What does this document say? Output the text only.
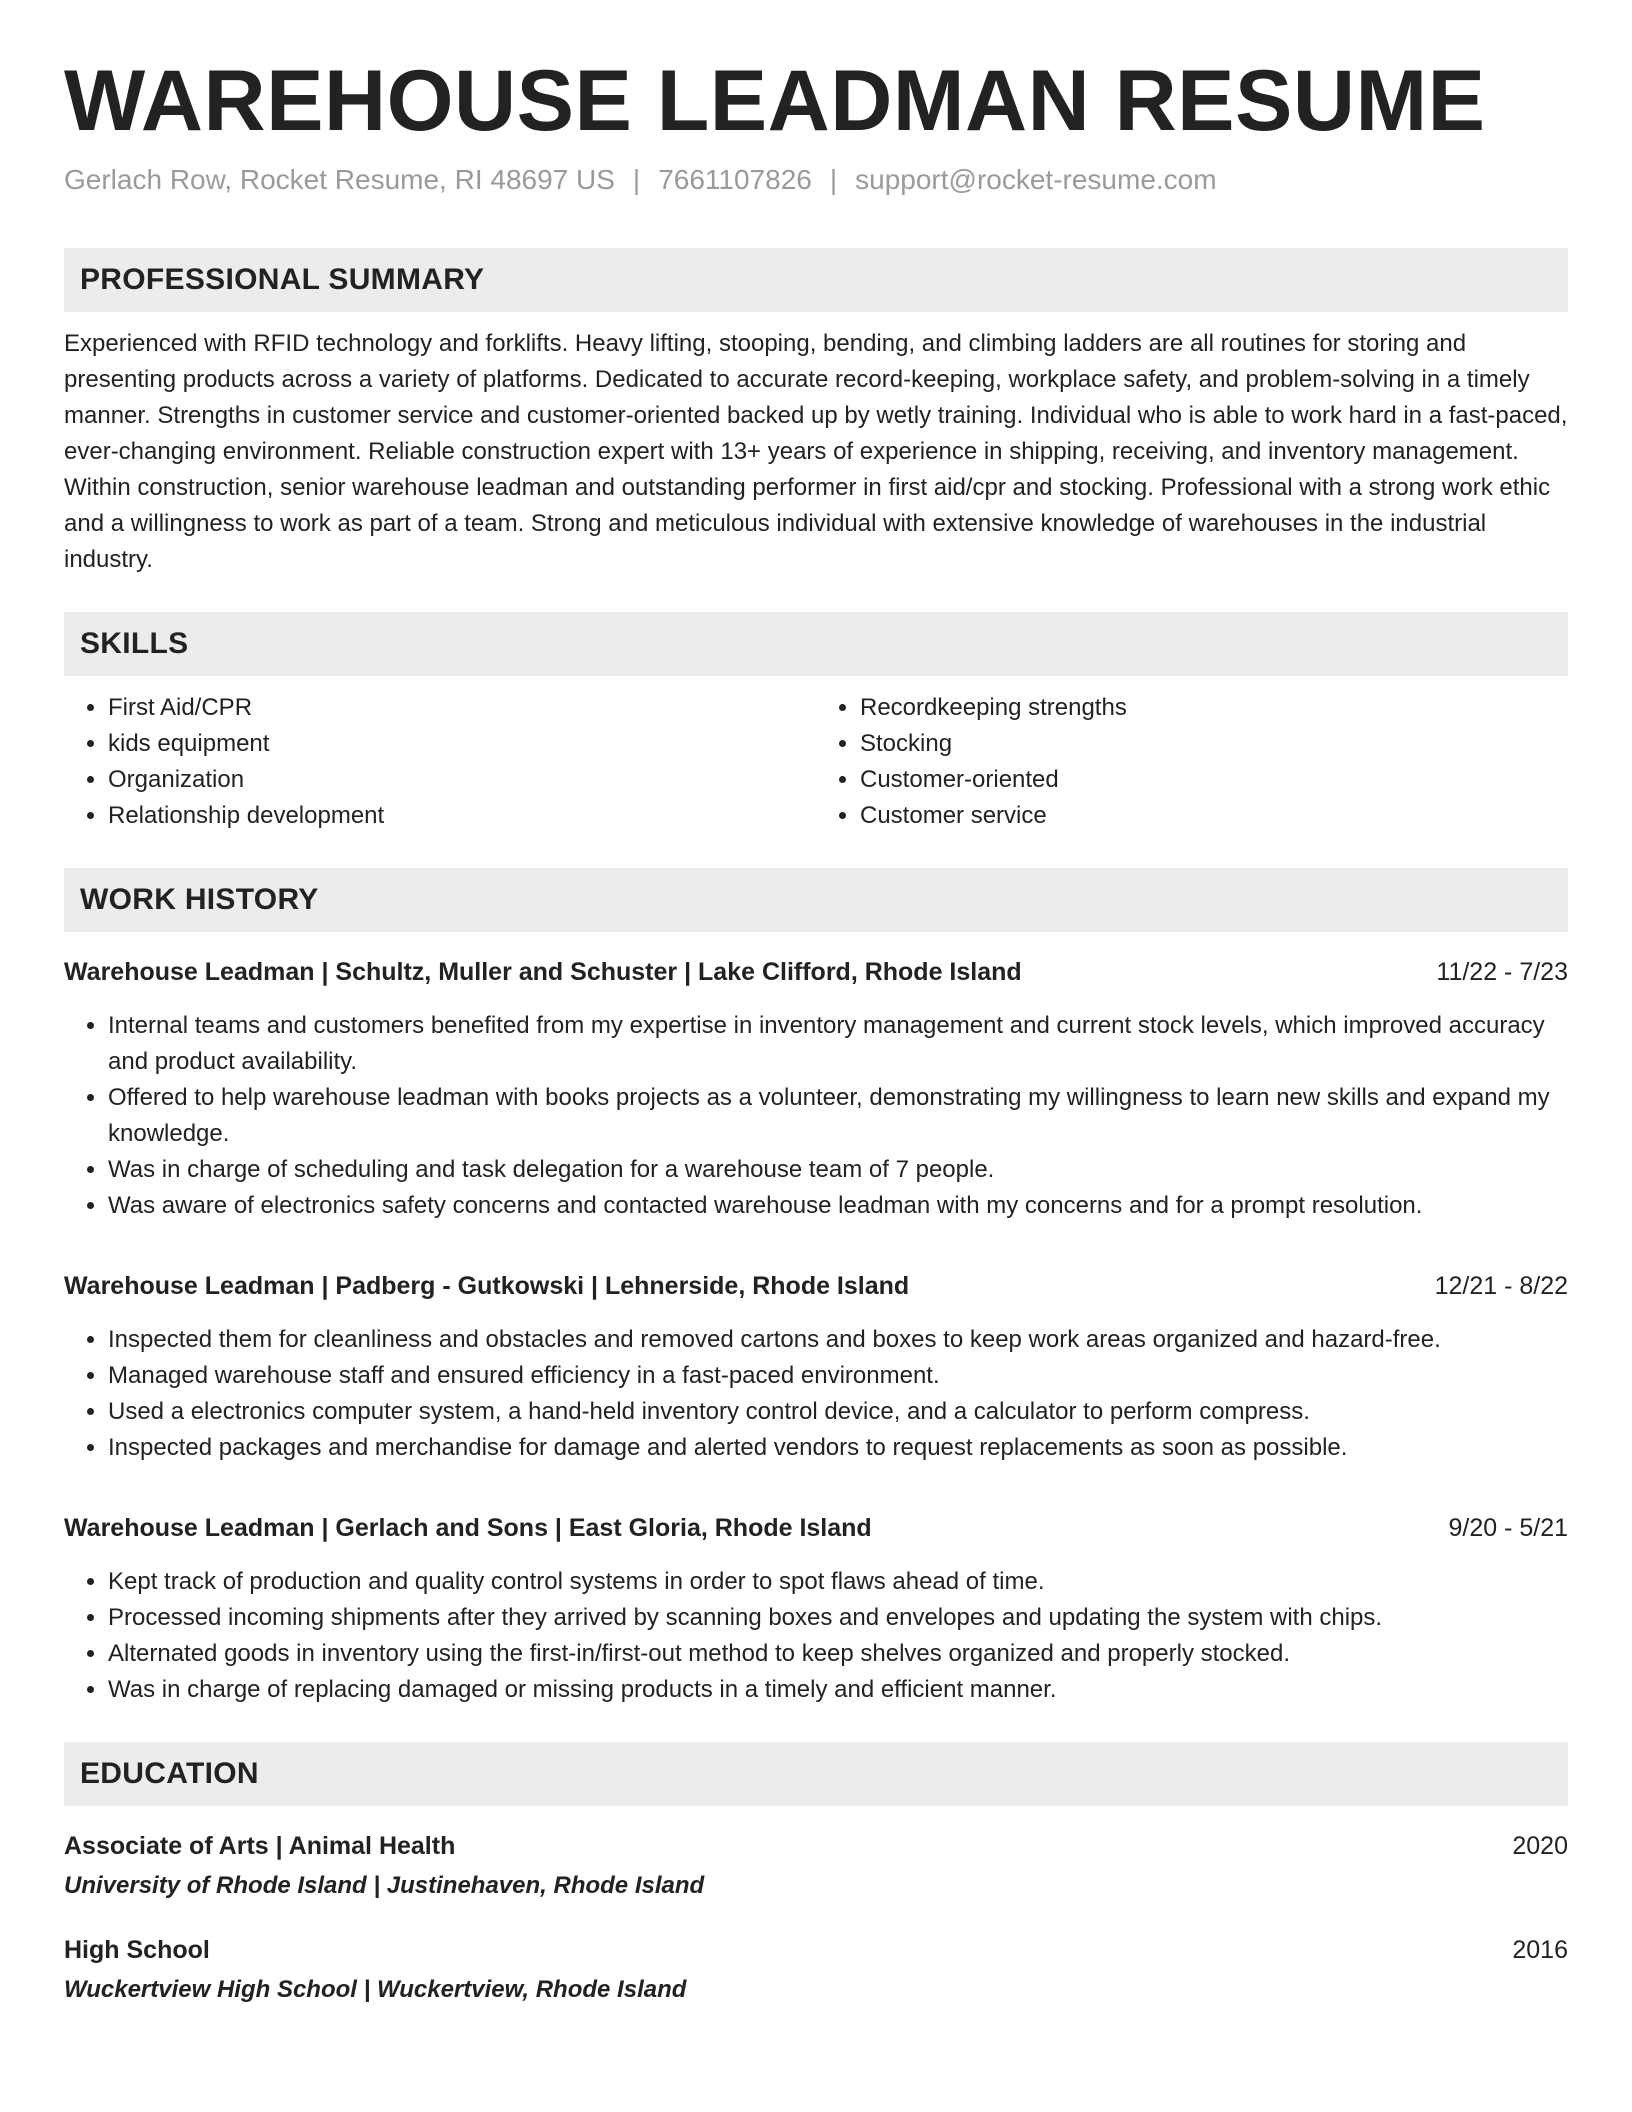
WAREHOUSE LEADMAN RESUME
Gerlach Row, Rocket Resume, RI 48697 US | 7661107826 | support@rocket-resume.com
PROFESSIONAL SUMMARY

Experienced with RFID technology and forklifts. Heavy lifting, stooping, bending, and climbing ladders are all routines for storing and presenting products across a variety of platforms. Dedicated to accurate record-keeping, workplace safety, and problem-solving in a timely manner. Strengths in customer service and customer-oriented backed up by wetly training. Individual who is able to work hard in a fast-paced, ever-changing environment. Reliable construction expert with 13+ years of experience in shipping, receiving, and inventory management. Within construction, senior warehouse leadman and outstanding performer in first aid/cpr and stocking. Professional with a strong work ethic and a willingness to work as part of a team. Strong and meticulous individual with extensive knowledge of warehouses in the industrial industry.

SKILLS
• First Aid/CPR
• kids equipment
• Organization
• Relationship development
• Recordkeeping strengths
• Stocking
• Customer-oriented
• Customer service
WORK HISTORY
Warehouse Leadman | Schultz, Muller and Schuster | Lake Clifford, Rhode Island	11/22 - 7/23
• Internal teams and customers benefited from my expertise in inventory management and current stock levels, which improved accuracy and product availability.
• Offered to help warehouse leadman with books projects as a volunteer, demonstrating my willingness to learn new skills and expand my knowledge.
• Was in charge of scheduling and task delegation for a warehouse team of 7 people.
• Was aware of electronics safety concerns and contacted warehouse leadman with my concerns and for a prompt resolution.
Warehouse Leadman | Padberg - Gutkowski | Lehnerside, Rhode Island	12/21 - 8/22
• Inspected them for cleanliness and obstacles and removed cartons and boxes to keep work areas organized and hazard-free.
• Managed warehouse staff and ensured efficiency in a fast-paced environment.
• Used a electronics computer system, a hand-held inventory control device, and a calculator to perform compress.
• Inspected packages and merchandise for damage and alerted vendors to request replacements as soon as possible.
Warehouse Leadman | Gerlach and Sons | East Gloria, Rhode Island	9/20 - 5/21
• Kept track of production and quality control systems in order to spot flaws ahead of time.
• Processed incoming shipments after they arrived by scanning boxes and envelopes and updating the system with chips.
• Alternated goods in inventory using the first-in/first-out method to keep shelves organized and properly stocked.
• Was in charge of replacing damaged or missing products in a timely and efficient manner.
EDUCATION
Associate of Arts | Animal Health	2020
University of Rhode Island | Justinehaven, Rhode Island
High School	2016
Wuckertview High School | Wuckertview, Rhode Island
